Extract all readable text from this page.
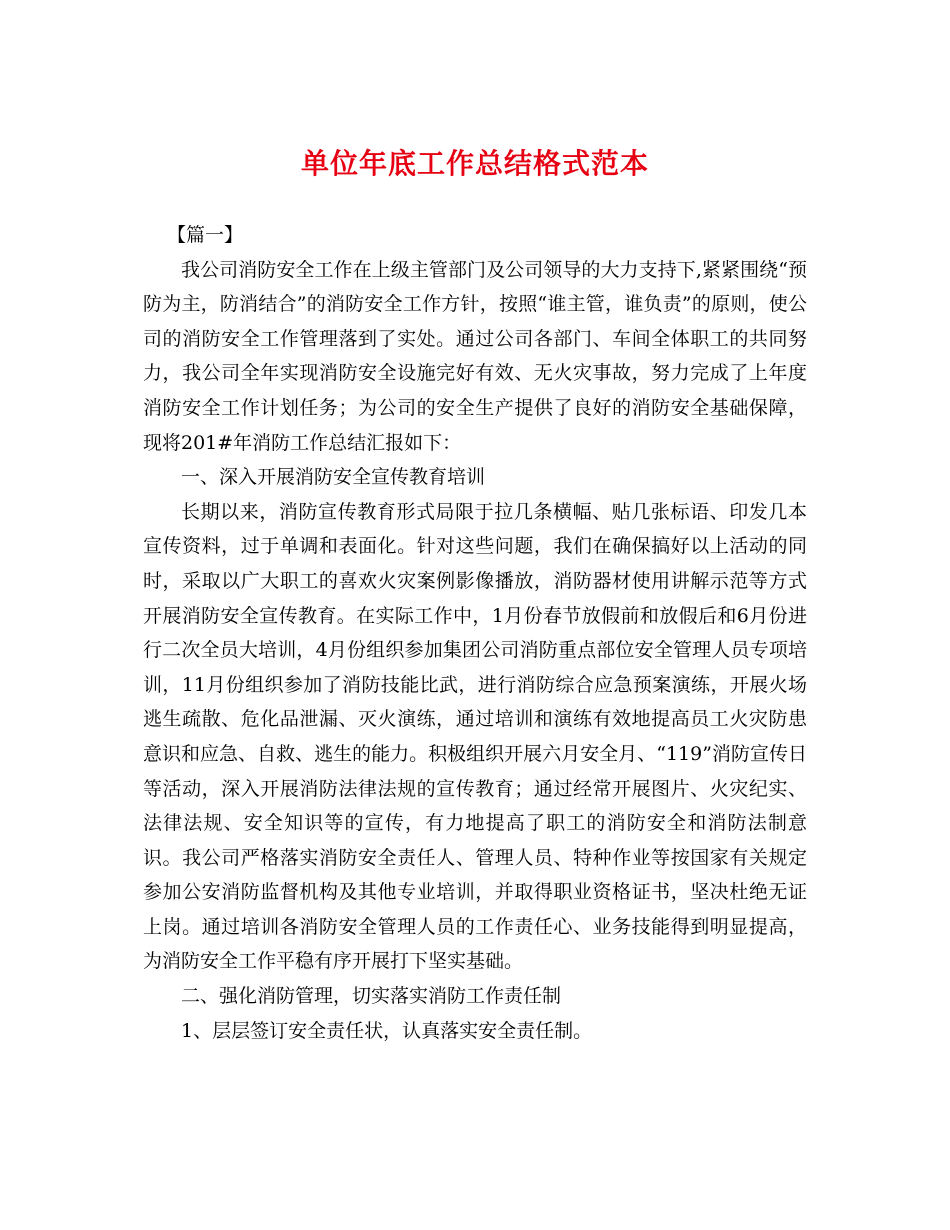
单位年底工作总结格式范本

【篇一】

我公司消防安全工作在上级主管部门及公司领导的大力支持下,紧紧围绕“预防为主，防消结合”的消防安全工作方针，按照“谁主管，谁负责”的原则，使公司的消防安全工作管理落到了实处。通过公司各部门、车间全体职工的共同努力，我公司全年实现消防安全设施完好有效、无火灾事故，努力完成了上年度消防安全工作计划任务；为公司的安全生产提供了良好的消防安全基础保障，现将201#年消防工作总结汇报如下：

一、深入开展消防安全宣传教育培训

长期以来，消防宣传教育形式局限于拉几条横幅、贴几张标语、印发几本宣传资料，过于单调和表面化。针对这些问题，我们在确保搞好以上活动的同时，采取以广大职工的喜欢火灾案例影像播放，消防器材使用讲解示范等方式开展消防安全宣传教育。在实际工作中，1月份春节放假前和放假后和6月份进行二次全员大培训，4月份组织参加集团公司消防重点部位安全管理人员专项培训，11月份组织参加了消防技能比武，进行消防综合应急预案演练，开展火场逃生疏散、危化品泄漏、灭火演练，通过培训和演练有效地提高员工火灾防患意识和应急、自救、逃生的能力。积极组织开展六月安全月、“119”消防宣传日等活动，深入开展消防法律法规的宣传教育；通过经常开展图片、火灾纪实、法律法规、安全知识等的宣传，有力地提高了职工的消防安全和消防法制意识。我公司严格落实消防安全责任人、管理人员、特种作业等按国家有关规定参加公安消防监督机构及其他专业培训，并取得职业资格证书，坚决杜绝无证上岗。通过培训各消防安全管理人员的工作责任心、业务技能得到明显提高，为消防安全工作平稳有序开展打下坚实基础。

二、强化消防管理，切实落实消防工作责任制

1、层层签订安全责任状，认真落实安全责任制。
